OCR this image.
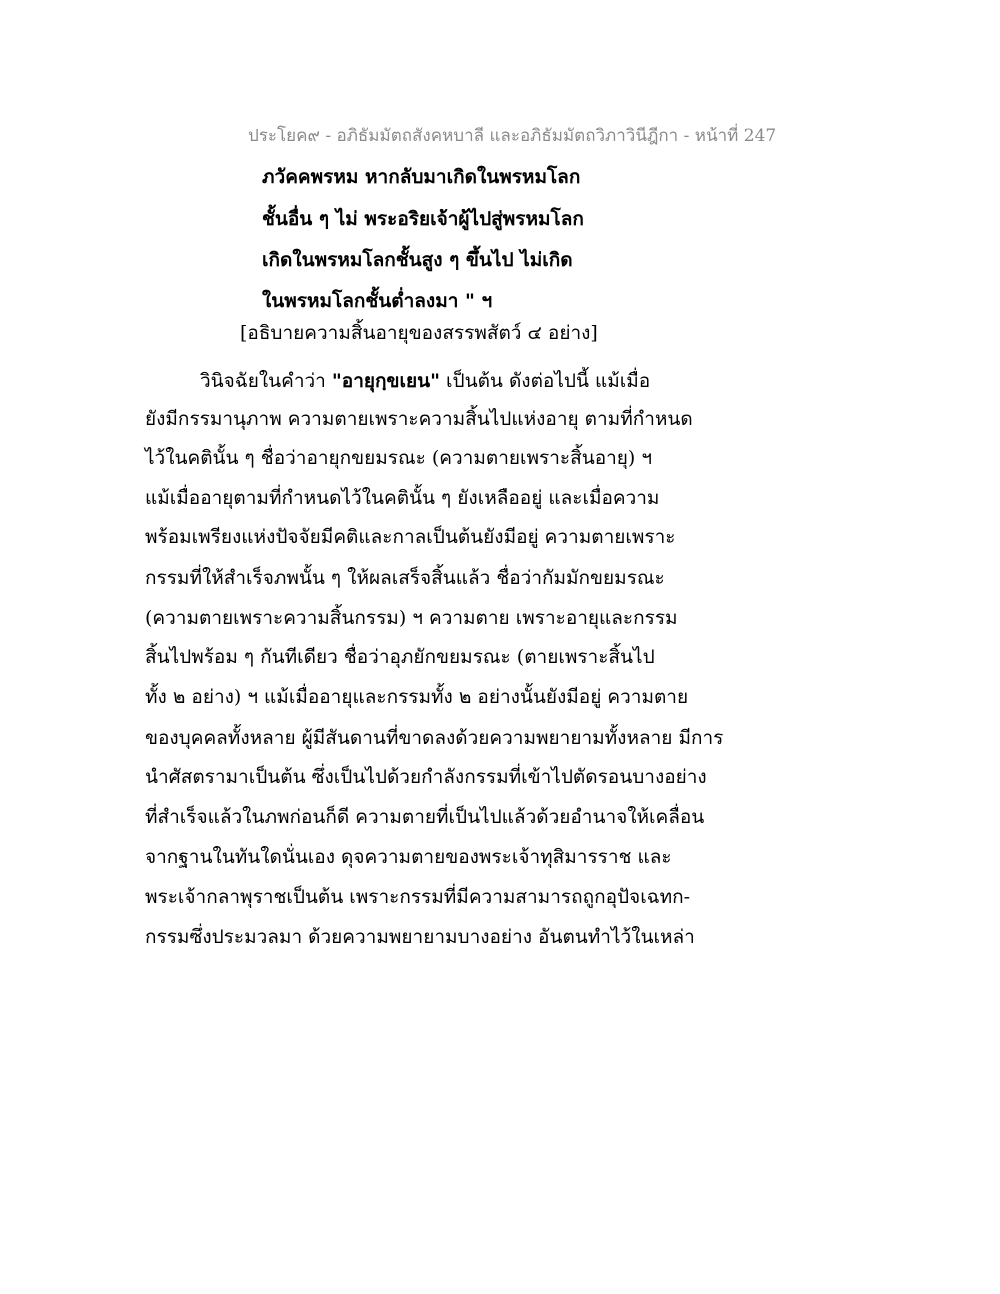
ประโยค๙ - อภิธัมมัตถสังคหบาลี และอภิธัมมัตถวิภาวินีฎีกา - หน้าที่ 247
ภวัคคพรหม หากลับมาเกิดในพรหมโลก
ชั้นอื่น ๆ ไม่ พระอริยเจ้าผู้ไปสู่พรหมโลก
เกิดในพรหมโลกชั้นสูง ๆ ขึ้นไป ไม่เกิด
ในพรหมโลกชั้นต่ำลงมา " ฯ
[อธิบายความสิ้นอายุของสรรพสัตว์ ๔ อย่าง]
วินิจฉัยในคำว่า "อายุกฺขเยน" เป็นต้น ดังต่อไปนี้ แม้เมื่อ
ยังมีกรรมานุภาพ ความตายเพราะความสิ้นไปแห่งอายุ ตามที่กำหนด
ไว้ในคตินั้น ๆ ชื่อว่าอายุกขยมรณะ (ความตายเพราะสิ้นอายุ) ฯ
แม้เมื่ออายุตามที่กำหนดไว้ในคตินั้น ๆ ยังเหลืออยู่ และเมื่อความ
พร้อมเพรียงแห่งปัจจัยมีคติและกาลเป็นต้นยังมีอยู่ ความตายเพราะ
กรรมที่ให้สำเร็จภพนั้น ๆ ให้ผลเสร็จสิ้นแล้ว ชื่อว่ากัมมักขยมรณะ
(ความตายเพราะความสิ้นกรรม) ฯ ความตาย เพราะอายุและกรรม
สิ้นไปพร้อม ๆ กันทีเดียว ชื่อว่าอุภยักขยมรณะ (ตายเพราะสิ้นไป
ทั้ง ๒ อย่าง) ฯ แม้เมื่ออายุและกรรมทั้ง ๒ อย่างนั้นยังมีอยู่ ความตาย
ของบุคคลทั้งหลาย ผู้มีสันดานที่ขาดลงด้วยความพยายามทั้งหลาย มีการ
นำศัสตรามาเป็นต้น ซึ่งเป็นไปด้วยกำลังกรรมที่เข้าไปตัดรอนบางอย่าง
ที่สำเร็จแล้วในภพก่อนก็ดี ความตายที่เป็นไปแล้วด้วยอำนาจให้เคลื่อน
จากฐานในทันใดนั่นเอง ดุจความตายของพระเจ้าทุสิมารราช และ
พระเจ้ากลาพุราชเป็นต้น เพราะกรรมที่มีความสามารถถูกอุปัจเฉทก-
กรรมซึ่งประมวลมา ด้วยความพยายามบางอย่าง อันตนทำไว้ในเหล่า
